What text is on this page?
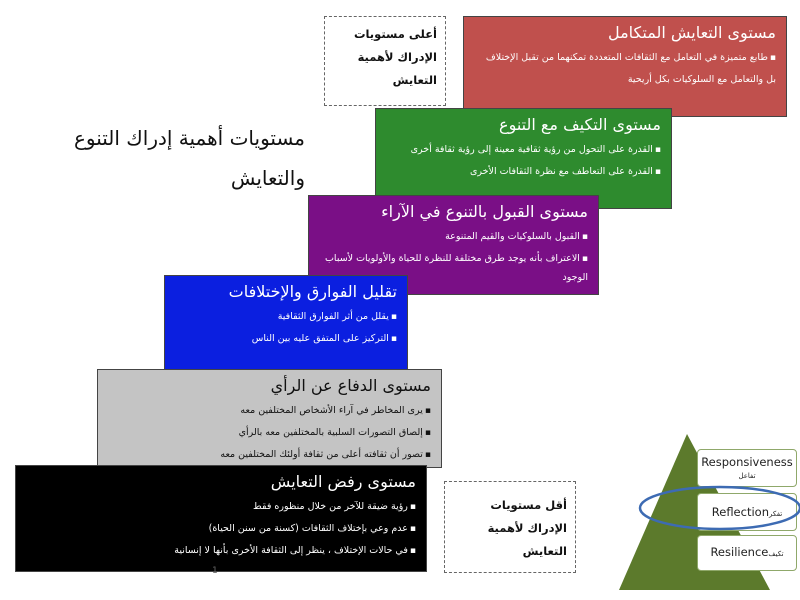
مستويات أهمية إدراك التنوع والتعايش
أعلى مستويات الإدراك لأهمية التعايش
مستوى التعايش المتكامل
▪طابع متميزة في التعامل مع الثقافات المتعددة تمكنهما من تقبل الإختلاف
بل والتعامل مع السلوكيات بكل أريحية
مستوى التكيف مع التنوع
▪القدرة على التحول من رؤية ثقافية معينة إلى رؤية ثقافة أخرى
▪القدرة على التعاطف مع نظرة الثقافات الأخرى
مستوى القبول بالتنوع في الآراء
▪القبول بالسلوكيات والقيم المتنوعة
▪الاعتراف بأنه يوجد طرق مختلفة للنظرة للحياة والأولويات لأسباب
الوجود
تقليل الفوارق والإختلافات
▪يقلل من أثر الفوارق الثقافية
▪التركيز على المتفق عليه بين الناس
مستوى الدفاع عن الرأي
▪يرى المخاطر في آراء الأشخاص المختلفين معه
▪إلصاق التصورات السلبية بالمختلفين معه بالرأي
▪تصور أن ثقافته أعلى من ثقافة أولئك المختلفين معه
مستوى رفض التعايش
▪رؤية ضيقة للآخر من خلال منظوره فقط
▪عدم وعي بإختلاف الثقافات (كسنة من سنن الحياة)
▪في حالات الإختلاف ، ينظر إلى الثقافة الأخرى بأنها لا إنسانية
1
أقل مستويات الإدراك لأهمية التعايش
Responsiveness
تفاعل
Reflectionتفكر
Resilienceتكيف
